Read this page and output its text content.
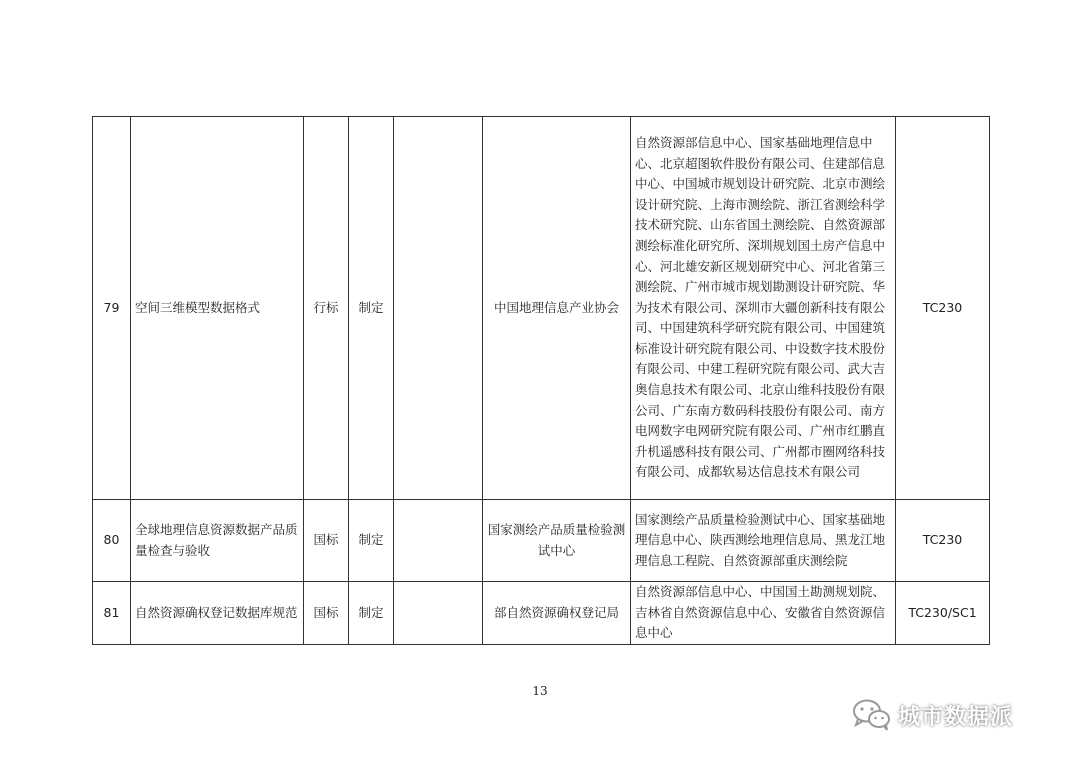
79	空间三维模型数据格式	行标	制定		中国地理信息产业协会	自然资源部信息中心、国家基础地理信息中心、北京超图软件股份有限公司、住建部信息中心、中国城市规划设计研究院、北京市测绘设计研究院、上海市测绘院、浙江省测绘科学技术研究院、山东省国土测绘院、自然资源部测绘标准化研究所、深圳规划国土房产信息中心、河北雄安新区规划研究中心、河北省第三测绘院、广州市城市规划勘测设计研究院、华为技术有限公司、深圳市大疆创新科技有限公司、中国建筑科学研究院有限公司、中国建筑标准设计研究院有限公司、中设数字技术股份有限公司、中建工程研究院有限公司、武大吉奥信息技术有限公司、北京山维科技股份有限公司、广东南方数码科技股份有限公司、南方电网数字电网研究院有限公司、广州市红鹏直升机遥感科技有限公司、广州都市圈网络科技有限公司、成都软易达信息技术有限公司	TC230
80	全球地理信息资源数据产品质量检查与验收	国标	制定		国家测绘产品质量检验测试中心	国家测绘产品质量检验测试中心、国家基础地理信息中心、陕西测绘地理信息局、黑龙江地理信息工程院、自然资源部重庆测绘院	TC230
81	自然资源确权登记数据库规范	国标	制定		部自然资源确权登记局	自然资源部信息中心、中国国土勘测规划院、吉林省自然资源信息中心、安徽省自然资源信息中心	TC230/SC1
13
城市数据派
